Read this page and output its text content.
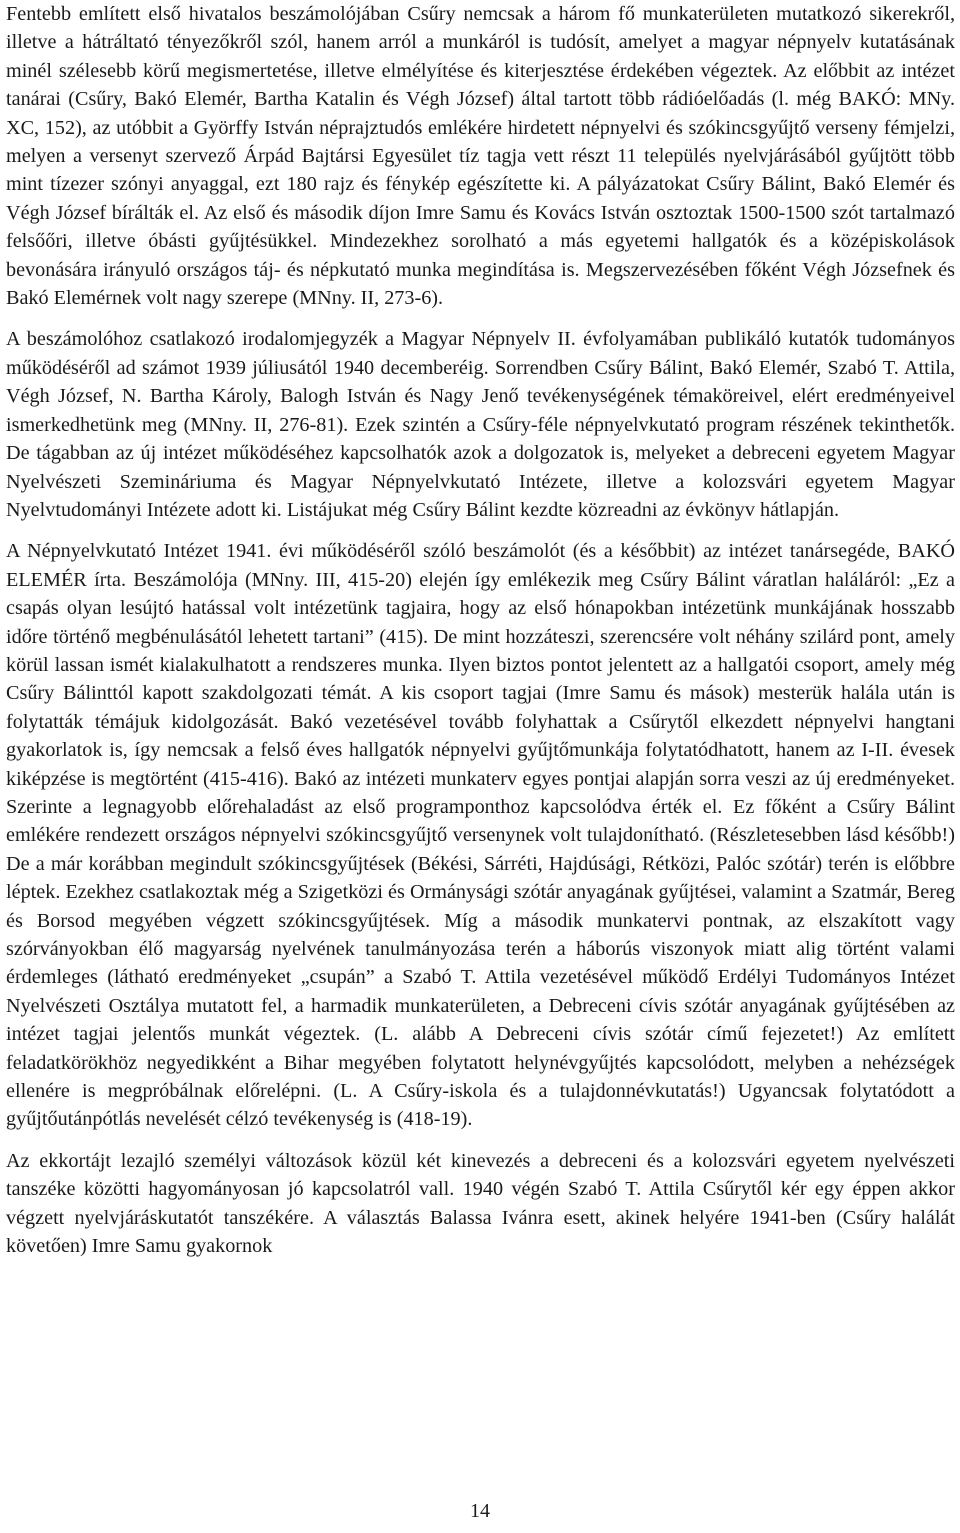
Fentebb említett első hivatalos beszámolójában Csűry nemcsak a három fő munkaterületen mutatkozó sikerekről, illetve a hátráltató tényezőkről szól, hanem arról a munkáról is tudósít, amelyet a magyar népnyelv kutatásának minél szélesebb körű megismertetése, illetve elmélyítése és kiterjesztése érdekében végeztek. Az előbbit az intézet tanárai (Csűry, Bakó Elemér, Bartha Katalin és Végh József) által tartott több rádióelőadás (l. még BAKÓ: MNy. XC, 152), az utóbbit a Györffy István néprajztudós emlékére hirdetett népnyelvi és szókincsgyűjtő verseny fémjelzi, melyen a versenyt szervező Árpád Bajtársi Egyesület tíz tagja vett részt 11 település nyelvjárásából gyűjtött több mint tízezer szónyi anyaggal, ezt 180 rajz és fénykép egészítette ki. A pályázatokat Csűry Bálint, Bakó Elemér és Végh József bírálták el. Az első és második díjon Imre Samu és Kovács István osztoztak 1500-1500 szót tartalmazó felsőőri, illetve óbásti gyűjtésükkel. Mindezekhez sorolható a más egyetemi hallgatók és a középiskolások bevonására irányuló országos táj- és népkutató munka megindítása is. Megszervezésében főként Végh Józsefnek és Bakó Elemérnek volt nagy szerepe (MNny. II, 273-6).

A beszámolóhoz csatlakozó irodalomjegyzék a Magyar Népnyelv II. évfolyamában publikáló kutatók tudományos működéséről ad számot 1939 júliusától 1940 decemberéig. Sorrendben Csűry Bálint, Bakó Elemér, Szabó T. Attila, Végh József, N. Bartha Károly, Balogh István és Nagy Jenő tevékenységének témaköreivel, elért eredményeivel ismerkedhetünk meg (MNny. II, 276-81). Ezek szintén a Csűry-féle népnyelvkutató program részének tekinthetők. De tágabban az új intézet működéséhez kapcsolhatók azok a dolgozatok is, melyeket a debreceni egyetem Magyar Nyelvészeti Szemináriuma és Magyar Népnyelvkutató Intézete, illetve a kolozsvári egyetem Magyar Nyelvtudományi Intézete adott ki. Listájukat még Csűry Bálint kezdte közreadni az évkönyv hátlapján.

A Népnyelvkutató Intézet 1941. évi működéséről szóló beszámolót (és a későbbit) az intézet tanársegéde, BAKÓ ELEMÉR írta. Beszámolója (MNny. III, 415-20) elején így emlékezik meg Csűry Bálint váratlan haláláról: „Ez a csapás olyan lesújtó hatással volt intézetünk tagjaira, hogy az első hónapokban intézetünk munkájának hosszabb időre történő megbénulásától lehetett tartani” (415). De mint hozzáteszi, szerencsére volt néhány szilárd pont, amely körül lassan ismét kialakulhatott a rendszeres munka. Ilyen biztos pontot jelentett az a hallgatói csoport, amely még Csűry Bálinttól kapott szakdolgozati témát. A kis csoport tagjai (Imre Samu és mások) mesterük halála után is folytatták témájuk kidolgozását. Bakó vezetésével tovább folyhattak a Csűrytől elkezdett népnyelvi hangtani gyakorlatok is, így nemcsak a felső éves hallgatók népnyelvi gyűjtőmunkája folytatódhatott, hanem az I-II. évesek kiképzése is megtörtént (415-416). Bakó az intézeti munkaterv egyes pontjai alapján sorra veszi az új eredményeket. Szerinte a legnagyobb előrehaladást az első programponthoz kapcsolódva érték el. Ez főként a Csűry Bálint emlékére rendezett országos népnyelvi szókincsgyűjtő versenynek volt tulajdonítható. (Részletesebben lásd később!) De a már korábban megindult szókincsgyűjtések (Békési, Sárréti, Hajdúsági, Rétközi, Palóc szótár) terén is előbbre léptek. Ezekhez csatlakoztak még a Szigetközi és Ormánysági szótár anyagának gyűjtései, valamint a Szatmár, Bereg és Borsod megyében végzett szókincsgyűjtések. Míg a második munkatervi pontnak, az elszakított vagy szórványokban élő magyarság nyelvének tanulmányozása terén a háborús viszonyok miatt alig történt valami érdemleges (látható eredményeket „csupán” a Szabó T. Attila vezetésével működő Erdélyi Tudományos Intézet Nyelvészeti Osztálya mutatott fel, a harmadik munkaterületen, a Debreceni cívis szótár anyagának gyűjtésében az intézet tagjai jelentős munkát végeztek. (L. alább A Debreceni cívis szótár című fejezetet!) Az említett feladatkörökhöz negyedikként a Bihar megyében folytatott helynévgyűjtés kapcsolódott, melyben a nehézségek ellenére is megpróbálnak előrelépni. (L. A Csűry-iskola és a tulajdonnévkutatás!) Ugyancsak folytatódott a gyűjtőutánpótlás nevelését célzó tevékenység is (418-19).

Az ekkortájt lezajló személyi változások közül két kinevezés a debreceni és a kolozsvári egyetem nyelvészeti tanszéke közötti hagyományosan jó kapcsolatról vall. 1940 végén Szabó T. Attila Csűrytől kér egy éppen akkor végzett nyelvjáráskutatót tanszékére. A választás Balassa Ivánra esett, akinek helyére 1941-ben (Csűry halálát követően) Imre Samu gyakornok

14
